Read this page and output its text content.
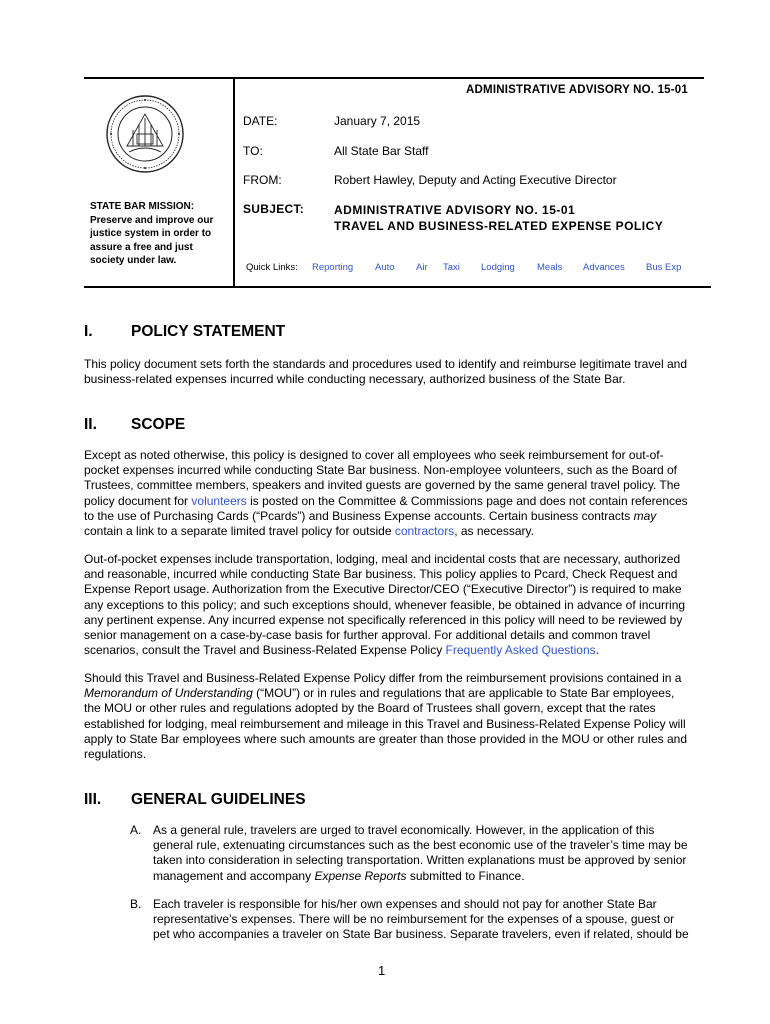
ADMINISTRATIVE ADVISORY NO. 15-01
STATE BAR MISSION:
Preserve and improve our justice system in order to assure a free and just society under law.
DATE:	January 7, 2015
TO:	All State Bar Staff
FROM:	Robert Hawley, Deputy and Acting Executive Director
SUBJECT: ADMINISTRATIVE ADVISORY NO. 15-01
TRAVEL AND BUSINESS-RELATED EXPENSE POLICY
Quick Links: Reporting Auto Air Taxi Lodging Meals Advances Bus Exp
I. POLICY STATEMENT
This policy document sets forth the standards and procedures used to identify and reimburse legitimate travel and business-related expenses incurred while conducting necessary, authorized business of the State Bar.
II. SCOPE
Except as noted otherwise, this policy is designed to cover all employees who seek reimbursement for out-of-pocket expenses incurred while conducting State Bar business. Non-employee volunteers, such as the Board of Trustees, committee members, speakers and invited guests are governed by the same general travel policy. The policy document for volunteers is posted on the Committee & Commissions page and does not contain references to the use of Purchasing Cards (“Pcards”) and Business Expense accounts. Certain business contracts may contain a link to a separate limited travel policy for outside contractors, as necessary.
Out-of-pocket expenses include transportation, lodging, meal and incidental costs that are necessary, authorized and reasonable, incurred while conducting State Bar business. This policy applies to Pcard, Check Request and Expense Report usage. Authorization from the Executive Director/CEO (“Executive Director”) is required to make any exceptions to this policy; and such exceptions should, whenever feasible, be obtained in advance of incurring any pertinent expense. Any incurred expense not specifically referenced in this policy will need to be reviewed by senior management on a case-by-case basis for further approval. For additional details and common travel scenarios, consult the Travel and Business-Related Expense Policy Frequently Asked Questions.
Should this Travel and Business-Related Expense Policy differ from the reimbursement provisions contained in a Memorandum of Understanding (“MOU”) or in rules and regulations that are applicable to State Bar employees, the MOU or other rules and regulations adopted by the Board of Trustees shall govern, except that the rates established for lodging, meal reimbursement and mileage in this Travel and Business-Related Expense Policy will apply to State Bar employees where such amounts are greater than those provided in the MOU or other rules and regulations.
III. GENERAL GUIDELINES
A. As a general rule, travelers are urged to travel economically. However, in the application of this general rule, extenuating circumstances such as the best economic use of the traveler’s time may be taken into consideration in selecting transportation. Written explanations must be approved by senior management and accompany Expense Reports submitted to Finance.
B. Each traveler is responsible for his/her own expenses and should not pay for another State Bar representative’s expenses. There will be no reimbursement for the expenses of a spouse, guest or pet who accompanies a traveler on State Bar business. Separate travelers, even if related, should be
1
